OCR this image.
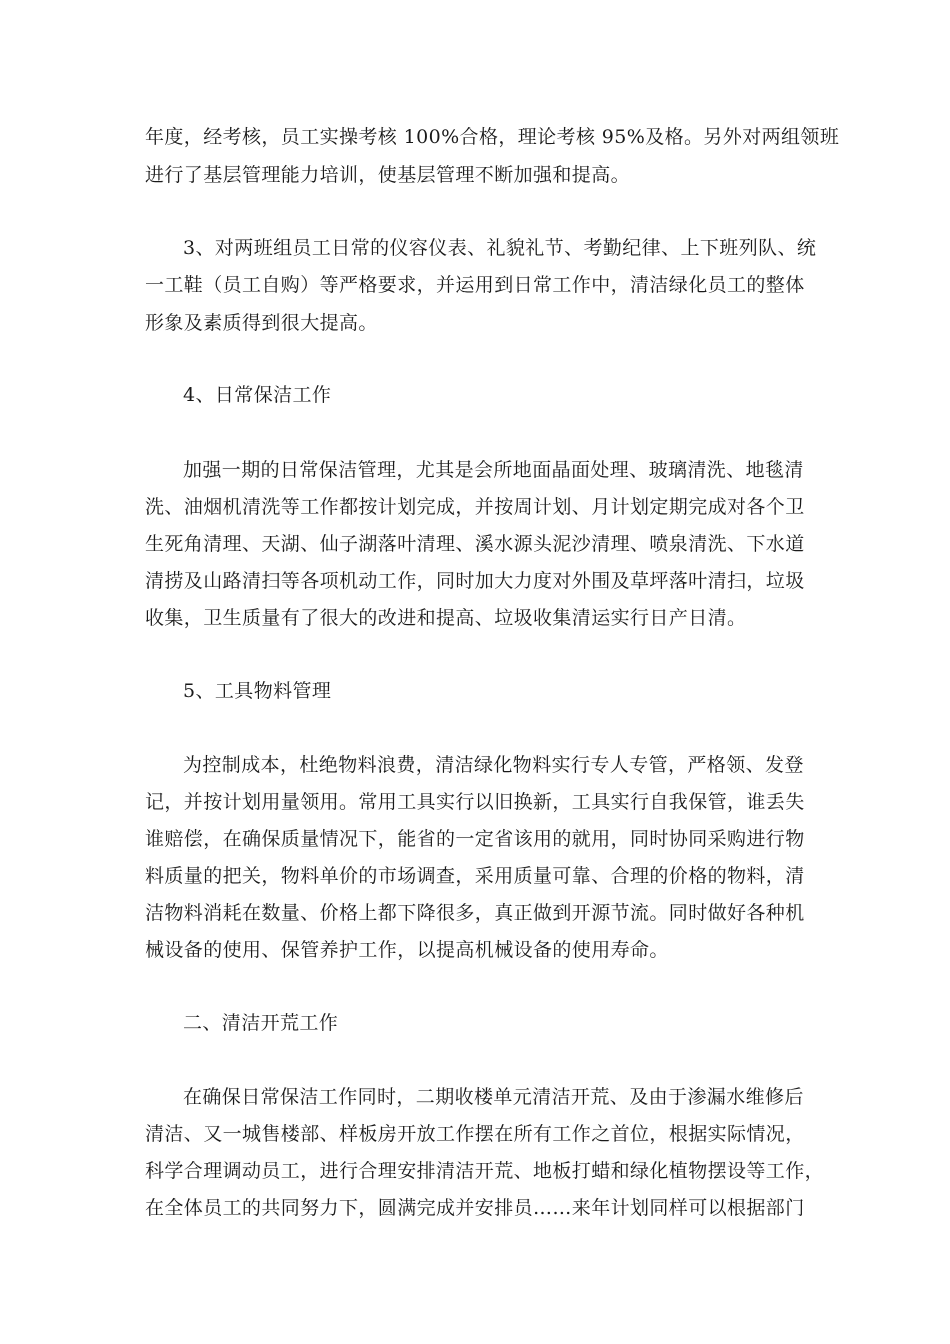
年度，经考核，员工实操考核 100%合格，理论考核 95%及格。另外对两组领班
进行了基层管理能力培训，使基层管理不断加强和提高。
3、对两班组员工日常的仪容仪表、礼貌礼节、考勤纪律、上下班列队、统
一工鞋（员工自购）等严格要求，并运用到日常工作中，清洁绿化员工的整体
形象及素质得到很大提高。
4、日常保洁工作
加强一期的日常保洁管理，尤其是会所地面晶面处理、玻璃清洗、地毯清
洗、油烟机清洗等工作都按计划完成，并按周计划、月计划定期完成对各个卫
生死角清理、天湖、仙子湖落叶清理、溪水源头泥沙清理、喷泉清洗、下水道
清捞及山路清扫等各项机动工作，同时加大力度对外围及草坪落叶清扫，垃圾
收集，卫生质量有了很大的改进和提高、垃圾收集清运实行日产日清。
5、工具物料管理
为控制成本，杜绝物料浪费，清洁绿化物料实行专人专管，严格领、发登
记，并按计划用量领用。常用工具实行以旧换新，工具实行自我保管，谁丢失
谁赔偿，在确保质量情况下，能省的一定省该用的就用，同时协同采购进行物
料质量的把关，物料单价的市场调查，采用质量可靠、合理的价格的物料，清
洁物料消耗在数量、价格上都下降很多，真正做到开源节流。同时做好各种机
械设备的使用、保管养护工作，以提高机械设备的使用寿命。
二、清洁开荒工作
在确保日常保洁工作同时，二期收楼单元清洁开荒、及由于渗漏水维修后
清洁、又一城售楼部、样板房开放工作摆在所有工作之首位，根据实际情况，
科学合理调动员工，进行合理安排清洁开荒、地板打蜡和绿化植物摆设等工作，
在全体员工的共同努力下，圆满完成并安排员……来年计划同样可以根据部门
